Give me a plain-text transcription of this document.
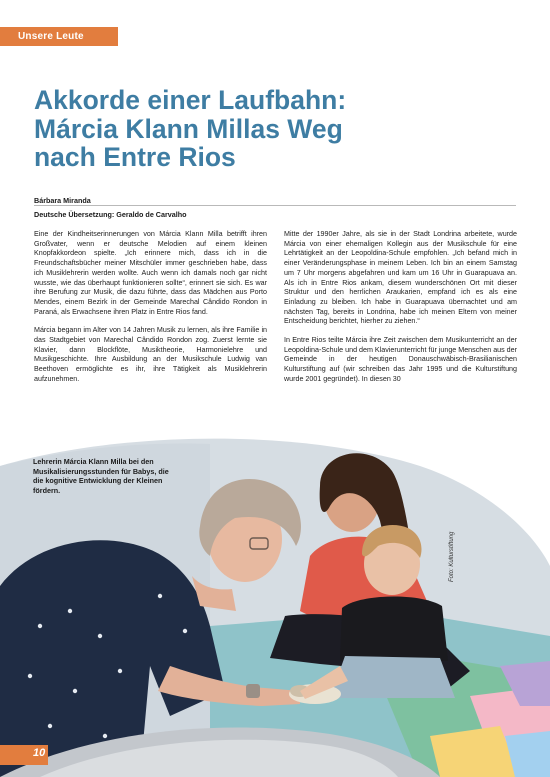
Unsere Leute
Akkorde einer Laufbahn:
Márcia Klann Millas Weg
nach Entre Rios
Bárbara Miranda
Deutsche Übersetzung: Geraldo de Carvalho

Eine der Kindheitserinnerungen von Márcia Klann Milla betrifft ihren Großvater, wenn er deutsche Melodien auf einem kleinen Knopfakkordeon spielte. „Ich erinnere mich, dass ich in die Freundschaftsbücher meiner Mitschüler immer geschrieben habe, dass ich Musiklehrerin werden wollte. Auch wenn ich damals noch gar nicht wusste, wie das überhaupt funktionieren sollte“, erinnert sie sich. Es war ihre Berufung zur Musik, die dazu führte, dass das Mädchen aus Porto Mendes, einem Bezirk in der Gemeinde Marechal Cândido Rondon in Paraná, als Erwachsene ihren Platz in Entre Rios fand.

Márcia begann im Alter von 14 Jahren Musik zu lernen, als ihre Familie in das Stadtgebiet von Marechal Cândido Rondon zog. Zuerst lernte sie Klavier, dann Blockflöte, Musiktheorie, Harmonielehre und Musikgeschichte. Ihre Ausbildung an der Musikschule Ludwig van Beethoven ermöglichte es ihr, ihre Tätigkeit als Musiklehrerin aufzunehmen.

Mitte der 1990er Jahre, als sie in der Stadt Londrina arbeitete, wurde Márcia von einer ehemaligen Kollegin aus der Musikschule für eine Lehrtätigkeit an der Leopoldina-Schule empfohlen. „Ich befand mich in einer Veränderungsphase in meinem Leben. Ich bin an einem Samstag um 7 Uhr morgens abgefahren und kam um 16 Uhr in Guarapuava an. Als ich in Entre Rios ankam, diesem wunderschönen Ort mit dieser Struktur und den herrlichen Araukarien, empfand ich es als eine Einladung zu bleiben. Ich habe in Guarapuava übernachtet und am nächsten Tag, bereits in Londrina, habe ich meinen Eltern von meiner Entscheidung berichtet, hierher zu ziehen.“

In Entre Rios teilte Márcia ihre Zeit zwischen dem Musikunterricht an der Leopoldina-Schule und dem Klavierunterricht für junge Menschen aus der Gemeinde in der heutigen Donauschwäbisch-Brasilianischen Kulturstiftung auf (wir schreiben das Jahr 1995 und die Kulturstiftung wurde 2001 gegründet). In diesen 30

Lehrerin Márcia Klann Milla bei den Musikalisierungsstunden für Babys, die die kognitive Entwicklung der Kleinen fördern.
Foto: Kulturstiftung
10
